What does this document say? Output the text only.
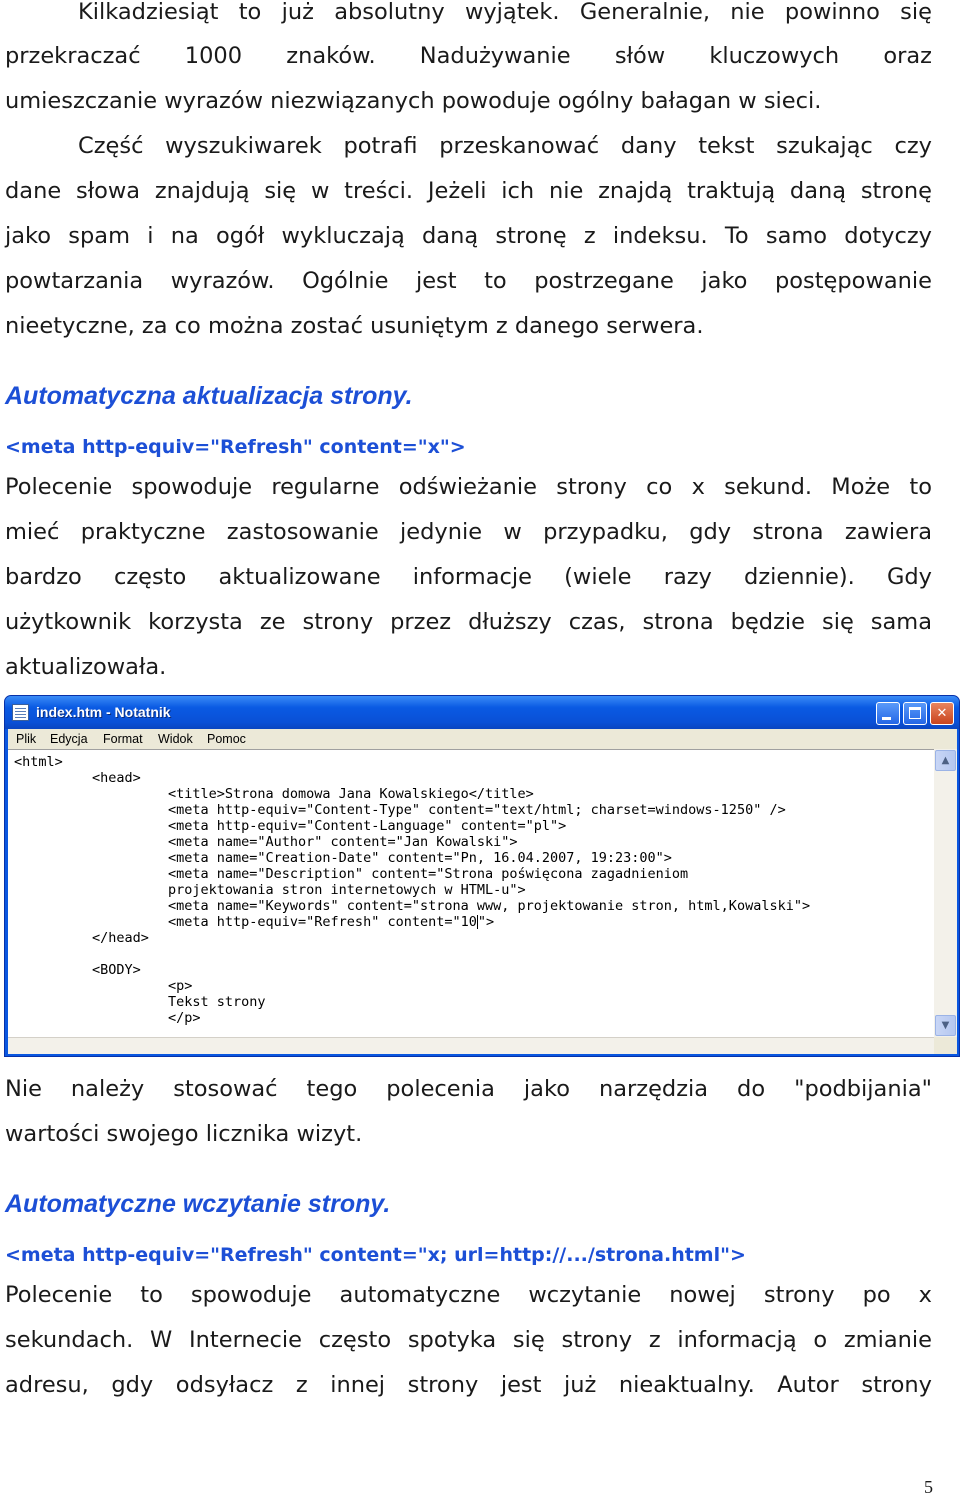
Kilkadziesiąt to już absolutny wyjątek. Generalnie, nie powinno się
przekraczać 1000 znaków. Nadużywanie słów kluczowych oraz
umieszczanie wyrazów niezwiązanych powoduje ogólny bałagan w sieci.
Część wyszukiwarek potrafi przeskanować dany tekst szukając czy
dane słowa znajdują się w treści. Jeżeli ich nie znajdą traktują daną stronę
jako spam i na ogół wykluczają daną stronę z indeksu. To samo dotyczy
powtarzania wyrazów. Ogólnie jest to postrzegane jako postępowanie
nieetyczne, za co można zostać usuniętym z danego serwera.
Automatyczna aktualizacja strony.
<meta http-equiv="Refresh" content="x">
Polecenie spowoduje regularne odświeżanie strony co x sekund. Może to
mieć praktyczne zastosowanie jedynie w przypadku, gdy strona zawiera
bardzo często aktualizowane informacje (wiele razy dziennie). Gdy
użytkownik korzysta ze strony przez dłuższy czas, strona będzie się sama
aktualizowała.
index.htm - Notatnik	✕
Plik Edycja Format Widok Pomoc
<html>
<head>
<title>Strona domowa Jana Kowalskiego</title>
<meta http-equiv="Content-Type" content="text/html; charset=windows-1250" />
<meta http-equiv="Content-Language" content="pl">
<meta name="Author" content="Jan Kowalski">
<meta name="Creation-Date" content="Pn, 16.04.2007, 19:23:00">
<meta name="Description" content="Strona poświęcona zagadnieniom
projektowania stron internetowych w HTML-u">
<meta name="Keywords" content="strona www, projektowanie stron, html,Kowalski">
<meta http-equiv="Refresh" content="10">
</head>
<BODY>
<p>
Tekst strony
</p>
▲
▼
Nie należy stosować tego polecenia jako narzędzia do "podbijania"
wartości swojego licznika wizyt.
Automatyczne wczytanie strony.
<meta http-equiv="Refresh" content="x; url=http://.../strona.html">
Polecenie to spowoduje automatyczne wczytanie nowej strony po x
sekundach. W Internecie często spotyka się strony z informacją o zmianie
adresu, gdy odsyłacz z innej strony jest już nieaktualny. Autor strony
5
